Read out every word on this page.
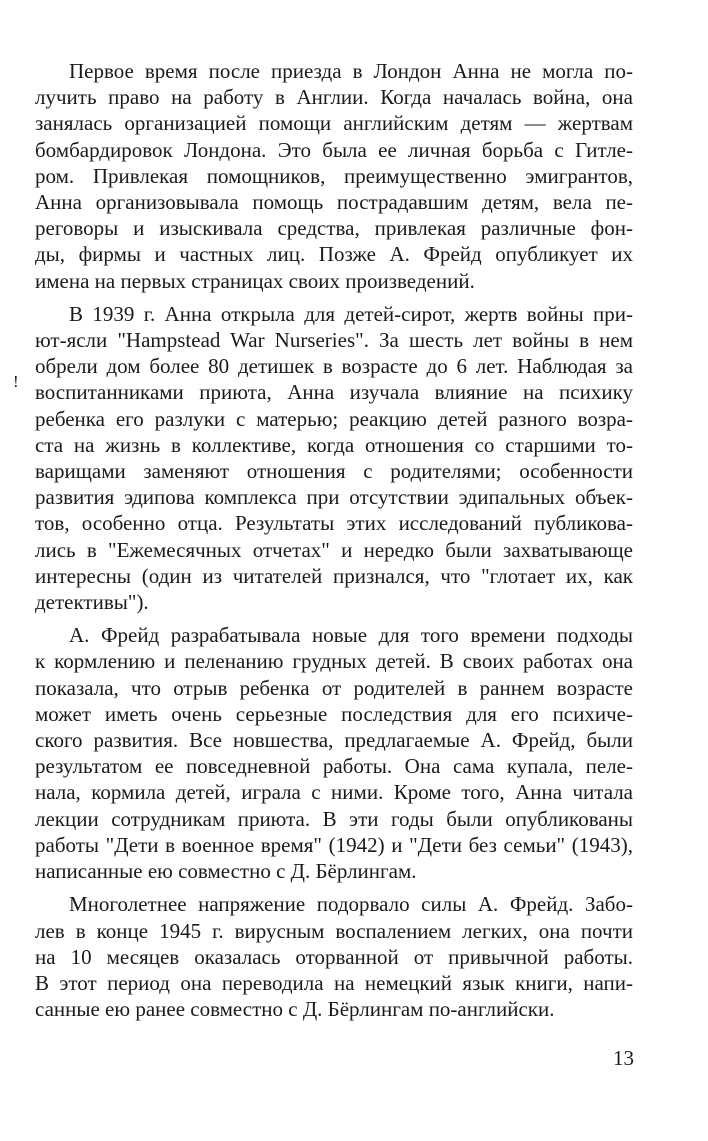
!

Первое время после приезда в Лондон Анна не могла по-
лучить право на работу в Англии. Когда началась война, она
занялась организацией помощи английским детям — жертвам
бомбардировок Лондона. Это была ее личная борьба с Гитле-
ром. Привлекая помощников, преимущественно эмигрантов,
Анна организовывала помощь пострадавшим детям, вела пе-
реговоры и изыскивала средства, привлекая различные фон-
ды, фирмы и частных лиц. Позже А. Фрейд опубликует их
имена на первых страницах своих произведений.

В 1939 г. Анна открыла для детей-сирот, жертв войны при-
ют-ясли "Hampstead War Nurseries". За шесть лет войны в нем
обрели дом более 80 детишек в возрасте до 6 лет. Наблюдая за
воспитанниками приюта, Анна изучала влияние на психику
ребенка его разлуки с матерью; реакцию детей разного возра-
ста на жизнь в коллективе, когда отношения со старшими то-
варищами заменяют отношения с родителями; особенности
развития эдипова комплекса при отсутствии эдипальных объек-
тов, особенно отца. Результаты этих исследований публикова-
лись в "Ежемесячных отчетах" и нередко были захватывающе
интересны (один из читателей признался, что "глотает их, как
детективы").

А. Фрейд разрабатывала новые для того времени подходы
к кормлению и пеленанию грудных детей. В своих работах она
показала, что отрыв ребенка от родителей в раннем возрасте
может иметь очень серьезные последствия для его психиче-
ского развития. Все новшества, предлагаемые А. Фрейд, были
результатом ее повседневной работы. Она сама купала, пеле-
нала, кормила детей, играла с ними. Кроме того, Анна читала
лекции сотрудникам приюта. В эти годы были опубликованы
работы "Дети в военное время" (1942) и "Дети без семьи" (1943),
написанные ею совместно с Д. Бёрлингам.

Многолетнее напряжение подорвало силы А. Фрейд. Забо-
лев в конце 1945 г. вирусным воспалением легких, она почти
на 10 месяцев оказалась оторванной от привычной работы.
В этот период она переводила на немецкий язык книги, напи-
санные ею ранее совместно с Д. Бёрлингам по-английски.

13
